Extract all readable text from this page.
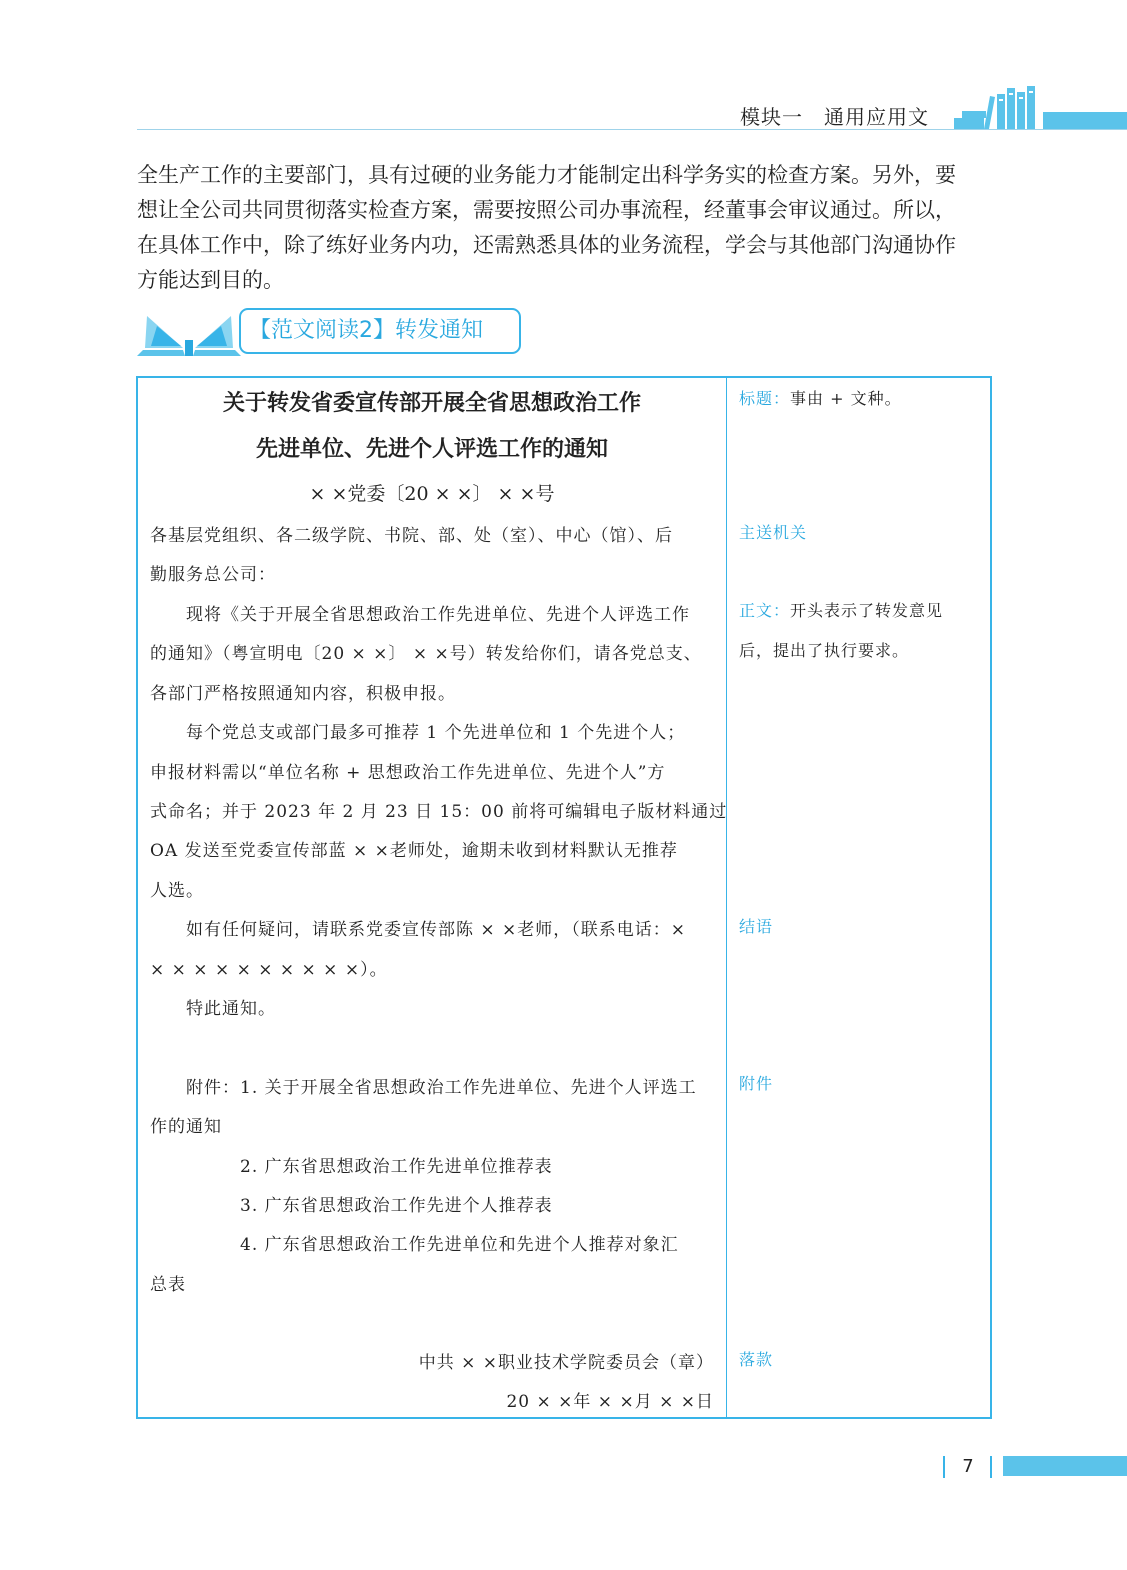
模块一　通用应用文
全生产工作的主要部门，具有过硬的业务能力才能制定出科学务实的检查方案。另外，要
想让全公司共同贯彻落实检查方案，需要按照公司办事流程，经董事会审议通过。所以，
在具体工作中，除了练好业务内功，还需熟悉具体的业务流程，学会与其他部门沟通协作
方能达到目的。
【范文阅读2】转发通知
关于转发省委宣传部开展全省思想政治工作
先进单位、先进个人评选工作的通知
× ×党委〔20 × ×〕 × ×号
各基层党组织、各二级学院、书院、部、处（室）、中心（馆）、后
勤服务总公司：
现将《关于开展全省思想政治工作先进单位、先进个人评选工作
的通知》（粤宣明电〔20 × ×〕 × ×号）转发给你们，请各党总支、
各部门严格按照通知内容，积极申报。
每个党总支或部门最多可推荐 1 个先进单位和 1 个先进个人；
申报材料需以“单位名称 + 思想政治工作先进单位、先进个人”方
式命名；并于 2023 年 2 月 23 日 15：00 前将可编辑电子版材料通过
OA 发送至党委宣传部蓝 × ×老师处，逾期未收到材料默认无推荐
人选。
如有任何疑问，请联系党委宣传部陈 × ×老师，（联系电话：×
× × × × × × × × × ×）。
特此通知。
附件：1. 关于开展全省思想政治工作先进单位、先进个人评选工
作的通知
2. 广东省思想政治工作先进单位推荐表
3. 广东省思想政治工作先进个人推荐表
4. 广东省思想政治工作先进单位和先进个人推荐对象汇
总表
中共 × ×职业技术学院委员会（章）
20 × ×年 × ×月 × ×日
标题：事由 + 文种。
主送机关
正文：开头表示了转发意见
后，提出了执行要求。
结语
附件
落款
7
